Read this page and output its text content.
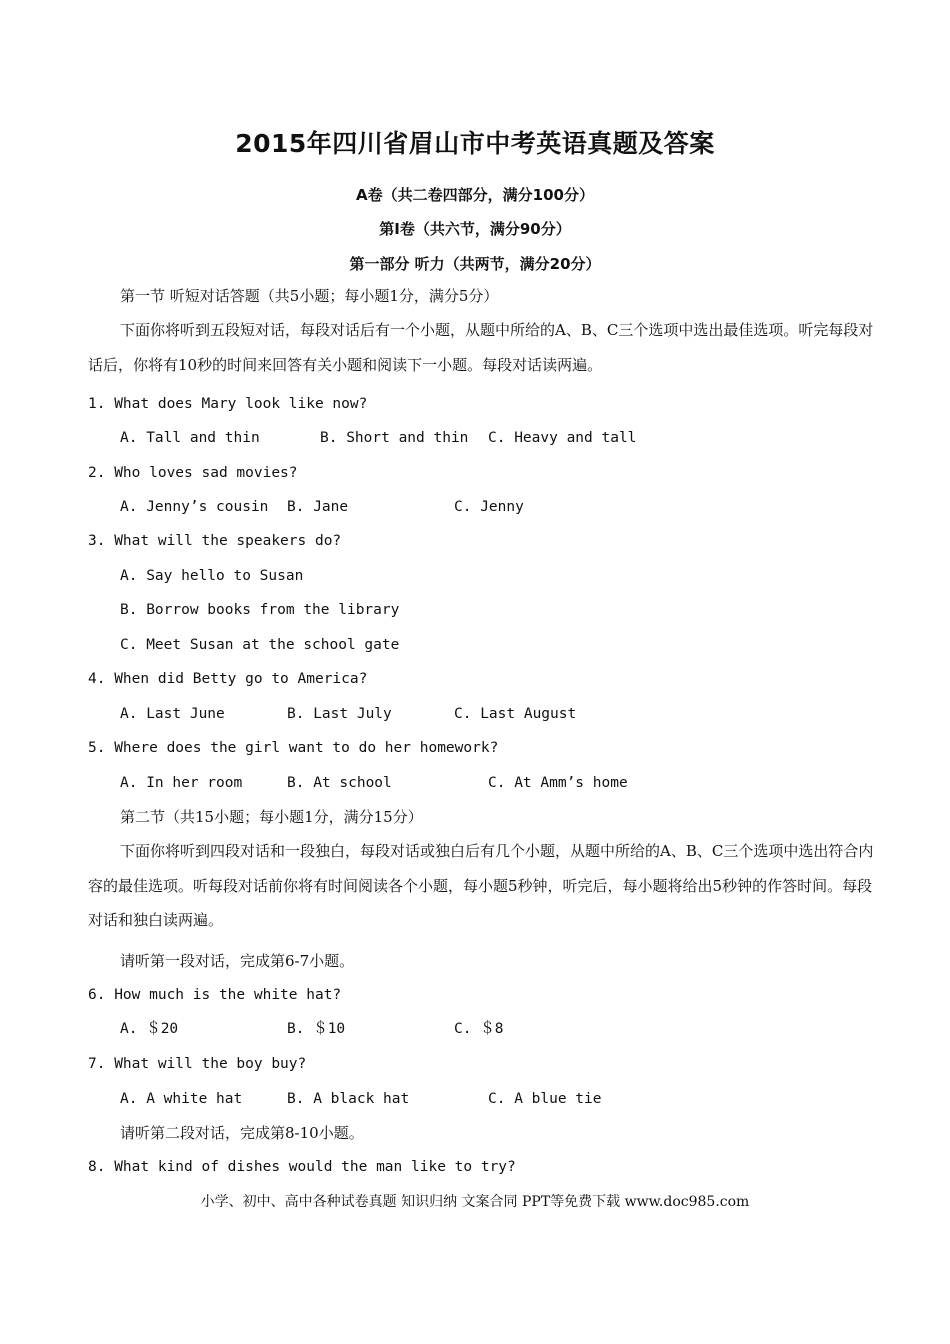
2015年四川省眉山市中考英语真题及答案
A卷（共二卷四部分，满分100分）
第I卷（共六节，满分90分）
第一部分 听力（共两节，满分20分）
第一节 听短对话答题（共5小题；每小题1分，满分5分）
下面你将听到五段短对话，每段对话后有一个小题，从题中所给的A、B、C三个选项中选出最佳选项。听完每段对话后，你将有10秒的时间来回答有关小题和阅读下一小题。每段对话读两遍。
1. What does Mary look like now?
A. Tall and thin	B. Short and thin C. Heavy and tall
2. Who loves sad movies?
A. Jenny’s cousin B. Jane	C. Jenny
3. What will the speakers do?
A. Say hello to Susan
B. Borrow books from the library
C. Meet Susan at the school gate
4. When did Betty go to America?
A. Last June	B. Last July	C. Last August
5. Where does the girl want to do her homework?
A. In her room	B. At school	C. At Amm’s home
第二节（共15小题；每小题1分，满分15分）
下面你将听到四段对话和一段独白，每段对话或独白后有几个小题，从题中所给的A、B、C三个选项中选出符合内容的最佳选项。听每段对话前你将有时间阅读各个小题，每小题5秒钟，听完后，每小题将给出5秒钟的作答时间。每段对话和独白读两遍。
请听第一段对话，完成第6-7小题。
6. How much is the white hat?
A. ＄20	B. ＄10	C. ＄8
7. What will the boy buy?
A. A white hat	B. A black hat	C. A blue tie
请听第二段对话，完成第8-10小题。
8. What kind of dishes would the man like to try?
小学、初中、高中各种试卷真题 知识归纳 文案合同 PPT等免费下载 www.doc985.com
